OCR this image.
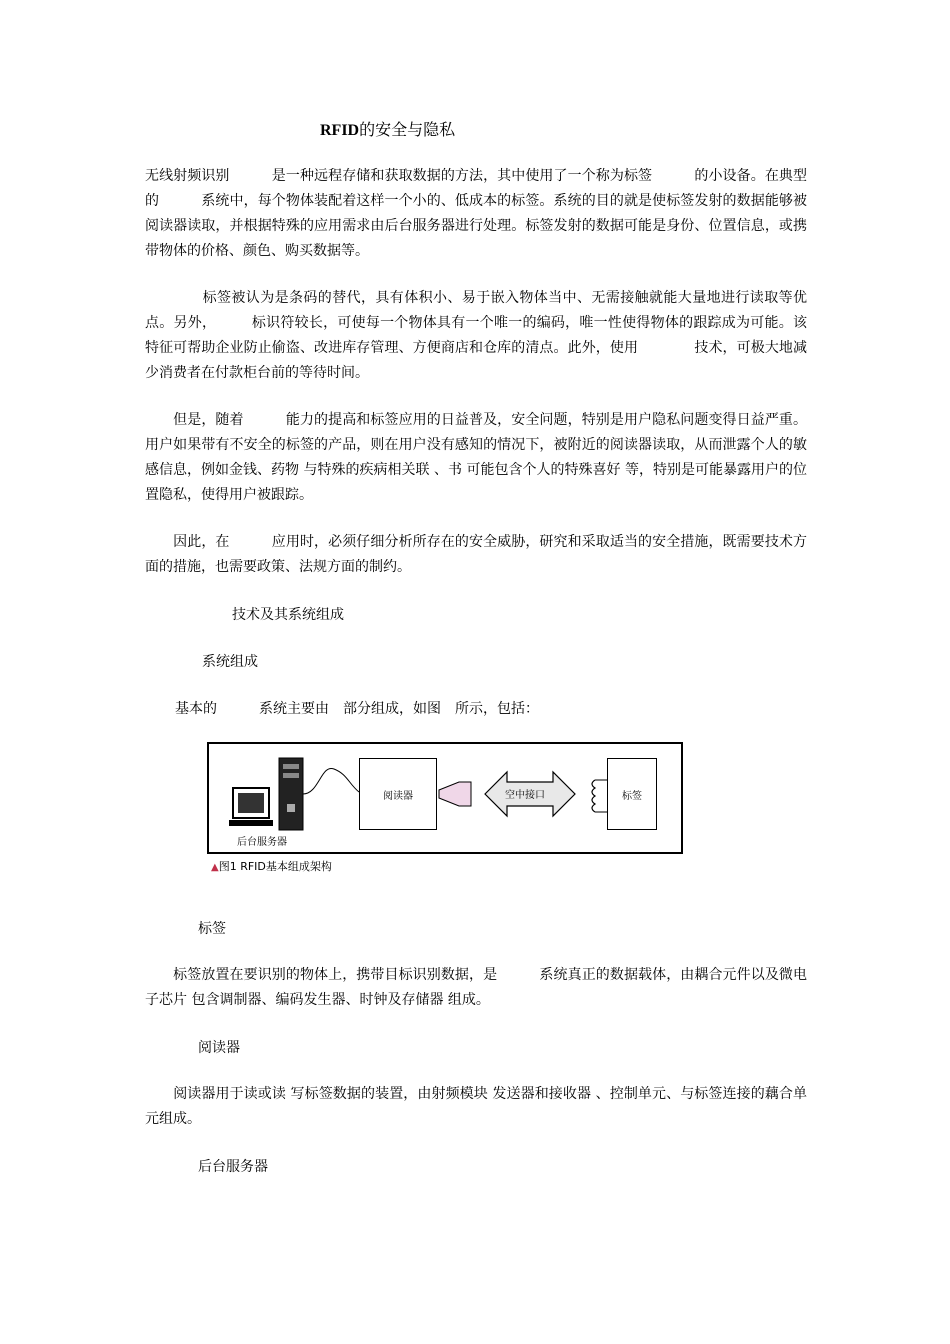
RFID的安全与隐私
无线射频识别　　　是一种远程存储和获取数据的方法，其中使用了一个称为标签　　　的小设备。在典型的　　　系统中，每个物体装配着这样一个小的、低成本的标签。系统的目的就是使标签发射的数据能够被阅读器读取，并根据特殊的应用需求由后台服务器进行处理。标签发射的数据可能是身份、位置信息，或携带物体的价格、颜色、购买数据等。
　　　　标签被认为是条码的替代，具有体积小、易于嵌入物体当中、无需接触就能大量地进行读取等优点。另外，　　　标识符较长，可使每一个物体具有一个唯一的编码，唯一性使得物体的跟踪成为可能。该特征可帮助企业防止偷盗、改进库存管理、方便商店和仓库的清点。此外，使用　　　　技术，可极大地减少消费者在付款柜台前的等待时间。
　　但是，随着　　　能力的提高和标签应用的日益普及，安全问题，特别是用户隐私问题变得日益严重。用户如果带有不安全的标签的产品，则在用户没有感知的情况下，被附近的阅读器读取，从而泄露个人的敏感信息，例如金钱、药物 与特殊的疾病相关联 、书 可能包含个人的特殊喜好 等，特别是可能暴露用户的位置隐私，使得用户被跟踪。
　　因此，在　　　应用时，必须仔细分析所存在的安全威胁，研究和采取适当的安全措施，既需要技术方面的措施，也需要政策、法规方面的制约。
技术及其系统组成
系统组成
基本的　　　系统主要由　部分组成，如图　所示，包括：
阅读器	空中接口	标签
后台服务器
▲图1 RFID基本组成架构
标签
　　标签放置在要识别的物体上，携带目标识别数据，是　　　系统真正的数据载体，由耦合元件以及微电子芯片 包含调制器、编码发生器、时钟及存储器 组成。
阅读器
　　阅读器用于读或读 写标签数据的装置，由射频模块 发送器和接收器 、控制单元、与标签连接的藕合单元组成。
后台服务器
